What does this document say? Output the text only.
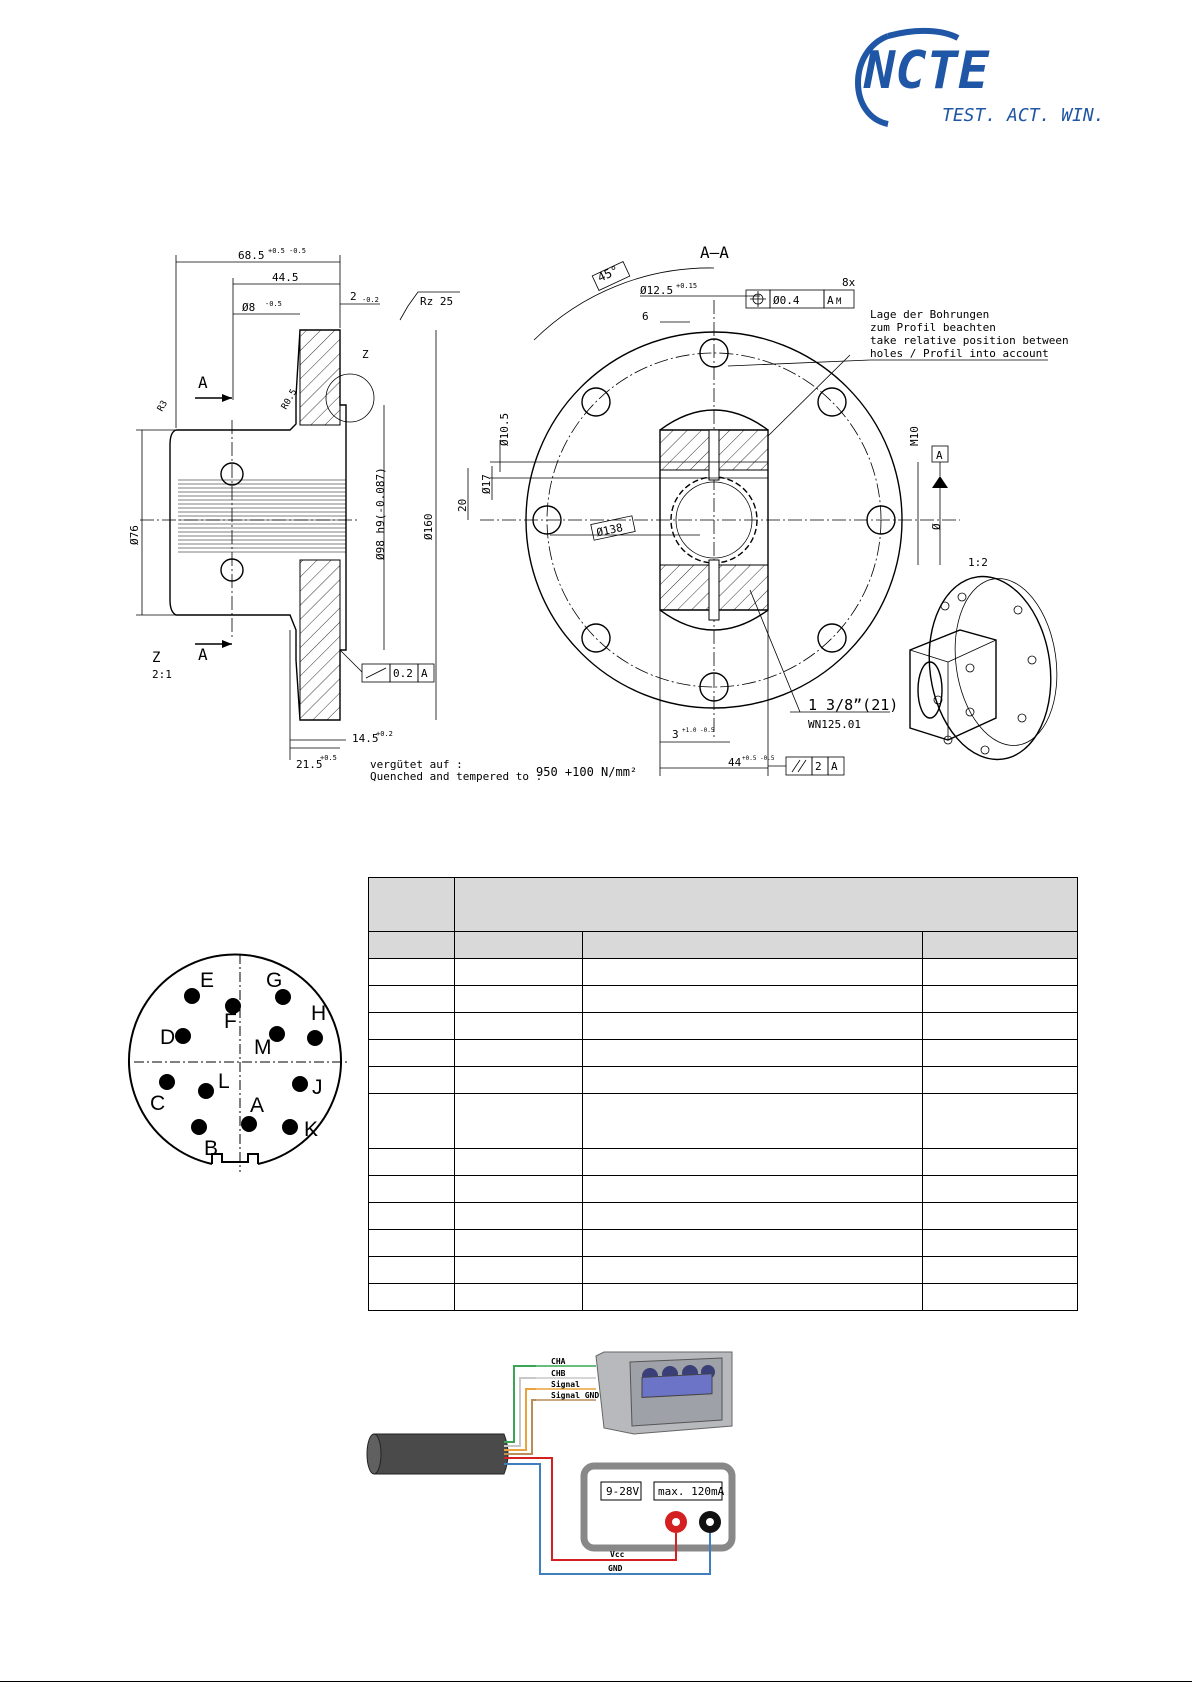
NCTE
TEST. ACT. WIN.
Z
68.5 +0.5 -0.5
44.5
Ø8 -0.5
2 -0.2	Rz 25
Ø76
R3	R0.5
Ø98 h9(-0.087)	Ø160
0.2 A
14.5
+0.2
21.5
+0.5
A
A
Z
2:1
45°
A–A
Ø12.5 +0.15	8x
Ø0.4	A M
6	Lage der Bohrungen
zum Profil beachten
take relative position between
holes / Profil into account
Ø10.5
Ø17
20
Ø138
M10
A
Ø
1 3/8”(21)
WN125.01
3 +1.0 -0.5
44 +0.5 -0.5
2 A
vergütet auf :
Quenched and tempered to :
950 +100 N/mm²
1:2
E G
F	H
D	M
L
C
J
A
B
K

CHA
CHB
Signal
Signal GND
9-28V max. 120mA
Vcc
GND
